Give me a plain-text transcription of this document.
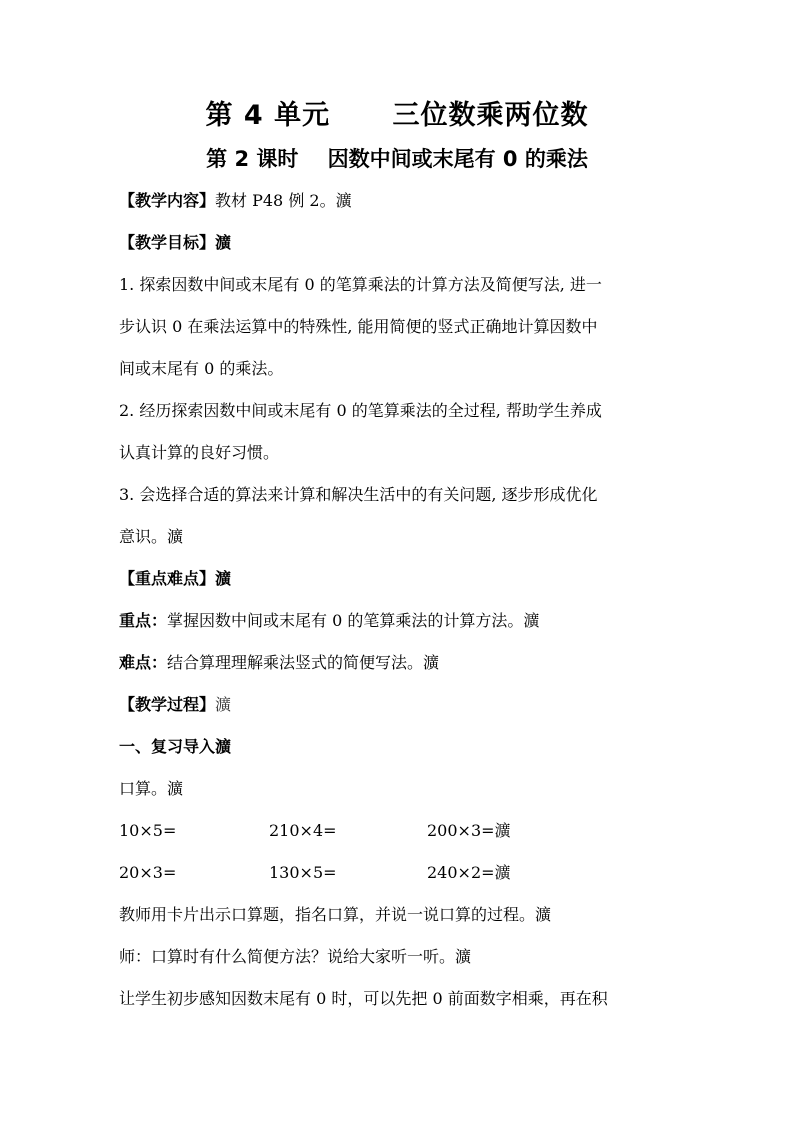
第 4 单元      三位数乘两位数
第 2 课时    因数中间或末尾有 0 的乘法
【教学内容】教材 P48 例 2。瀇
【教学目标】瀇
1. 探索因数中间或末尾有 0 的笔算乘法的计算方法及简便写法, 进一
步认识 0 在乘法运算中的特殊性, 能用简便的竖式正确地计算因数中
间或末尾有 0 的乘法。
2. 经历探索因数中间或末尾有 0 的笔算乘法的全过程, 帮助学生养成
认真计算的良好习惯。
3. 会选择合适的算法来计算和解决生活中的有关问题, 逐步形成优化
意识。瀇
【重点难点】瀇
重点：掌握因数中间或末尾有 0 的笔算乘法的计算方法。瀇
难点：结合算理理解乘法竖式的简便写法。瀇
【教学过程】瀇
一、复习导入瀇
口算。瀇
10×5=	210×4=	200×3=瀇
20×3=	130×5=	240×2=瀇
教师用卡片出示口算题，指名口算，并说一说口算的过程。瀇
师：口算时有什么简便方法？说给大家听一听。瀇
让学生初步感知因数末尾有 0 时，可以先把 0 前面数字相乘，再在积
